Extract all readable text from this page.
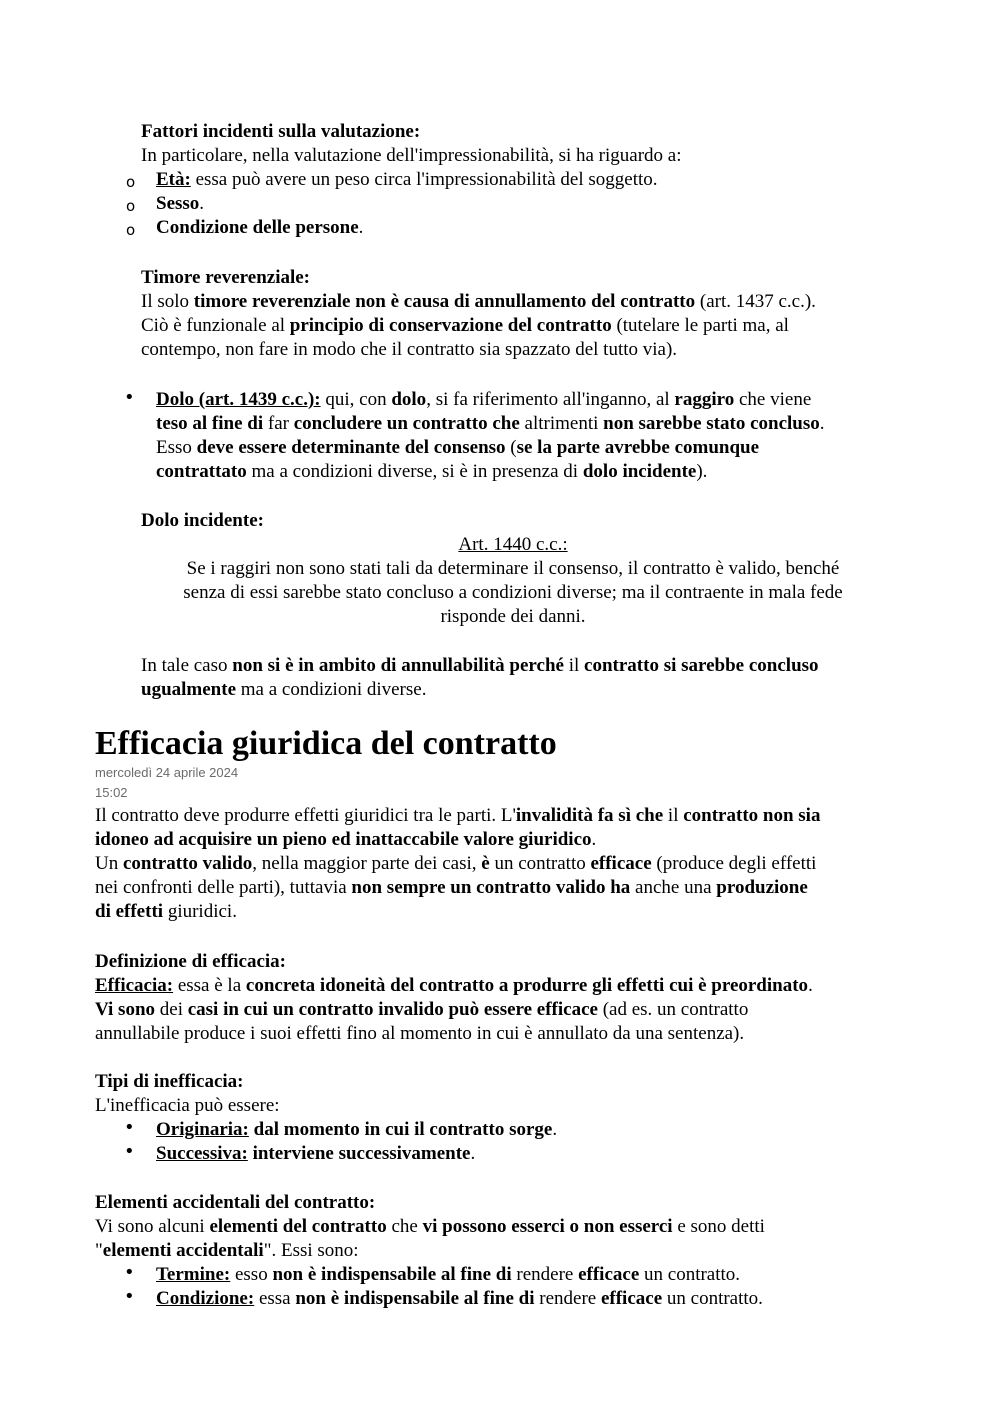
Fattori incidenti sulla valutazione:
In particolare, nella valutazione dell'impressionabilità, si ha riguardo a:
o Età: essa può avere un peso circa l'impressionabilità del soggetto.
o Sesso.
o Condizione delle persone.
Timore reverenziale:
Il solo timore reverenziale non è causa di annullamento del contratto (art. 1437 c.c.).
Ciò è funzionale al principio di conservazione del contratto (tutelare le parti ma, al
contempo, non fare in modo che il contratto sia spazzato del tutto via).
• Dolo (art. 1439 c.c.): qui, con dolo, si fa riferimento all'inganno, al raggiro che viene
teso al fine di far concludere un contratto che altrimenti non sarebbe stato concluso.
Esso deve essere determinante del consenso (se la parte avrebbe comunque
contrattato ma a condizioni diverse, si è in presenza di dolo incidente).
Dolo incidente:
Art. 1440 c.c.:
Se i raggiri non sono stati tali da determinare il consenso, il contratto è valido, benché
senza di essi sarebbe stato concluso a condizioni diverse; ma il contraente in mala fede
risponde dei danni.
In tale caso non si è in ambito di annullabilità perché il contratto si sarebbe concluso
ugualmente ma a condizioni diverse.
Efficacia giuridica del contratto
mercoledì 24 aprile 2024
15:02
Il contratto deve produrre effetti giuridici tra le parti. L'invalidità fa sì che il contratto non sia
idoneo ad acquisire un pieno ed inattaccabile valore giuridico.
Un contratto valido, nella maggior parte dei casi, è un contratto efficace (produce degli effetti
nei confronti delle parti), tuttavia non sempre un contratto valido ha anche una produzione
di effetti giuridici.
Definizione di efficacia:
Efficacia: essa è la concreta idoneità del contratto a produrre gli effetti cui è preordinato.
Vi sono dei casi in cui un contratto invalido può essere efficace (ad es. un contratto
annullabile produce i suoi effetti fino al momento in cui è annullato da una sentenza).
Tipi di inefficacia:
L'inefficacia può essere:
• Originaria: dal momento in cui il contratto sorge.
• Successiva: interviene successivamente.
Elementi accidentali del contratto:
Vi sono alcuni elementi del contratto che vi possono esserci o non esserci e sono detti
"elementi accidentali". Essi sono:
• Termine: esso non è indispensabile al fine di rendere efficace un contratto.
• Condizione: essa non è indispensabile al fine di rendere efficace un contratto.
